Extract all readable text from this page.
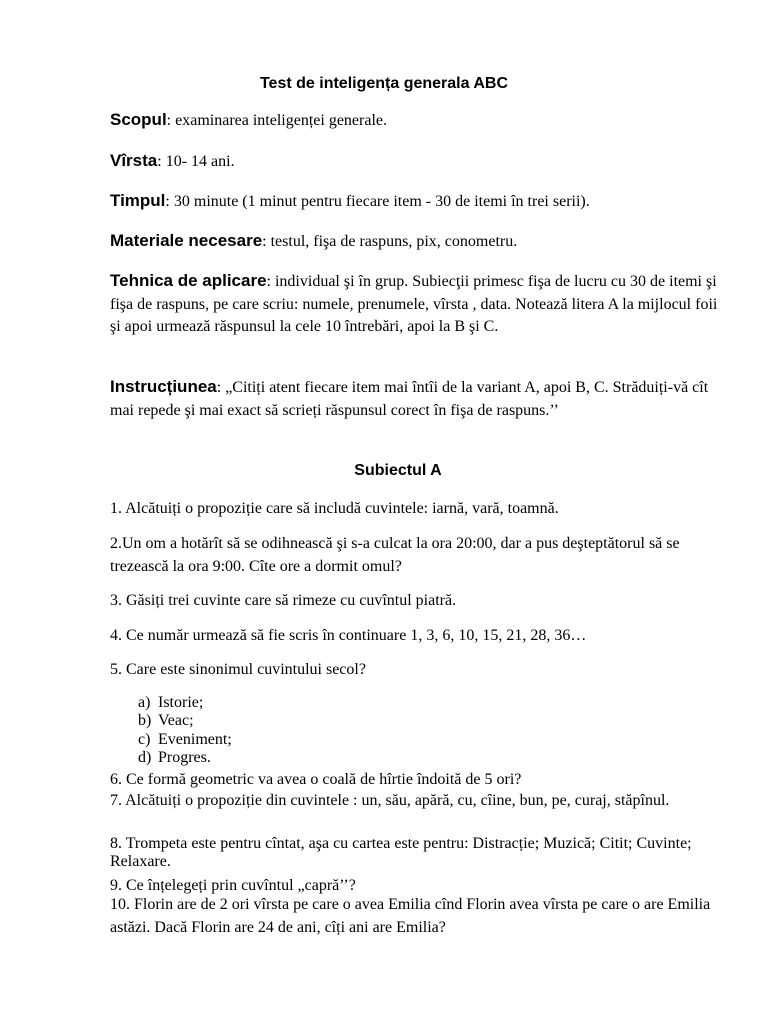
Test de inteligența generala ABC

Scopul: examinarea inteligenței generale.

Vîrsta: 10- 14 ani.

Timpul: 30 minute (1 minut pentru fiecare item - 30 de itemi în trei serii).

Materiale necesare: testul, fişa de raspuns, pix, conometru.

Tehnica de aplicare: individual şi în grup. Subiecţii primesc fişa de lucru cu 30 de itemi şi fişa de raspuns, pe care scriu: numele, prenumele, vîrsta , data. Notează litera A la mijlocul foii şi apoi urmează răspunsul la cele 10 întrebări, apoi la B şi C.

Instrucțiunea: „Citiți atent fiecare item mai întîi de la variant A, apoi B, C. Străduiți-vă cît mai repede şi mai exact să scrieți răspunsul corect în fişa de raspuns.’’

Subiectul A

1. Alcătuiți o propoziție care să includă cuvintele: iarnă, vară, toamnă.

2.Un om a hotărît să se odihnească şi s-a culcat la ora 20:00, dar a pus deşteptătorul să se trezească la ora 9:00. Cîte ore a dormit omul?

3. Găsiți trei cuvinte care să rimeze cu cuvîntul piatră.

4. Ce număr urmează să fie scris în continuare 1, 3, 6, 10, 15, 21, 28, 36…

5. Care este sinonimul cuvintului secol?

a) Istorie;
b) Veac;
c) Eveniment;
d) Progres.

6. Ce formă geometric va avea o coală de hîrtie îndoită de 5 ori?

7. Alcătuiți o propoziție din cuvintele : un, său, apără, cu, cîine, bun, pe, curaj, stăpînul.

8. Trompeta este pentru cîntat, aşa cu cartea este pentru: Distracție; Muzică; Citit; Cuvinte; Relaxare.

9. Ce înțelegeți prin cuvîntul „capră’’?

10. Florin are de 2 ori vîrsta pe care o avea Emilia cînd Florin avea vîrsta pe care o are Emilia astăzi. Dacă Florin are 24 de ani, cîți ani are Emilia?
